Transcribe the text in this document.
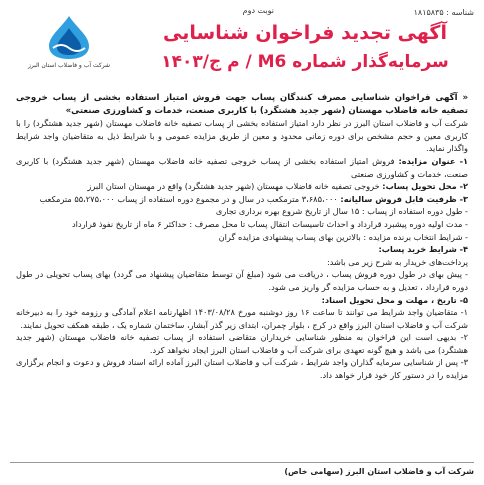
شناسه : ۱۸۱۵۸۳۵
نوبت دوم
شرکت آب و فاضلاب استان البرز
آگهی تجدید فراخوان شناسایی
سرمایه‌گذار شماره M6 / م ج/۱۴۰۳

« آگهی فراخوان شناسایی مصرف کنندگان پساب جهت فروش امتیاز استفاده بخشی از پساب خروجی تصفیه خانه فاضلاب مهستان (شهر جدید هشتگرد) با کاربری صنعت، خدمات و کشاورزی صنعتی»

شرکت آب و فاضلاب استان البرز در نظر دارد امتیاز استفاده بخشی از پساب تصفیه خانه فاضلاب مهستان (شهر جدید هشتگرد) را با کاربری معین و حجم مشخص برای دوره زمانی محدود و معین از طریق مزایده عمومی و با شرایط ذیل به متقاضیان واجد شرایط واگذار نماید.

۱- عنوان مزایده: فروش امتیاز استفاده بخشی از پساب خروجی تصفیه خانه فاضلاب مهستان (شهر جدید هشتگرد) با کاربری صنعت، خدمات و کشاورزی صنعتی

۲- محل تحویل پساب: خروجی تصفیه خانه فاضلاب مهستان (شهر جدید هشتگرد) واقع در مهستان استان البرز

۳- ظرفیت قابل فروش سالیانه: ۳،۶۸۵،۰۰۰ مترمکعب در سال و در مجموع دوره استفاده از پساب ۵۵،۲۷۵،۰۰۰ مترمکعب

- طول دوره استفاده از پساب : ۱۵ سال از تاریخ شروع بهره برداری تجاری

- مدت اولیه دوره پیشبرد قرارداد و احداث تاسیسات انتقال پساب تا محل مصرف : حداکثر ۶ ماه از تاریخ نفوذ قرارداد

- شرایط انتخاب برنده مزایده : بالاترین بهای پساب پیشنهادی مزایده گران

۴- شرایط خرید پساب:

پرداخت‌های خریدار به شرح زیر می باشد:

- پیش بهای در طول دوره فروش پساب ، دریافت می شود (مبلغ آن توسط متقاضیان پیشنهاد می گردد) بهای پساب تحویلی در طول دوره قرارداد ، تعدیل و به حساب مزایده گر واریز می شود.

۵- تاریخ ، مهلت و محل تحویل اسناد:

۱- متقاضیان واجد شرایط می توانند تا ساعت ۱۶ روز دوشنبه مورخ ۱۴۰۳/۰۸/۲۸ اظهارنامه اعلام آمادگی و رزومه خود را به دبیرخانه شرکت آب و فاضلاب استان البرز واقع در کرج ، بلوار چمران، ابتدای زیر گذر آبشار، ساختمان شماره یک ، طبقه همکف تحویل نمایند.

۲- بدیهی است این فراخوان به منظور شناسایی خریداران متقاضی استفاده از پساب تصفیه خانه فاضلاب مهستان (شهر جدید هشتگرد) می باشد و هیچ گونه تعهدی برای شرکت آب و فاضلاب استان البرز ایجاد نخواهد کرد.

۳- پس از شناسایی سرمایه گذاران واجد شرایط ، شرکت آب و فاضلاب استان البرز آماده ارائه اسناد فروش و دعوت و انجام برگزاری مزایده را در دستور کار خود قرار خواهد داد.

شرکت آب و فاضلاب استان البرز (سهامی خاص)
